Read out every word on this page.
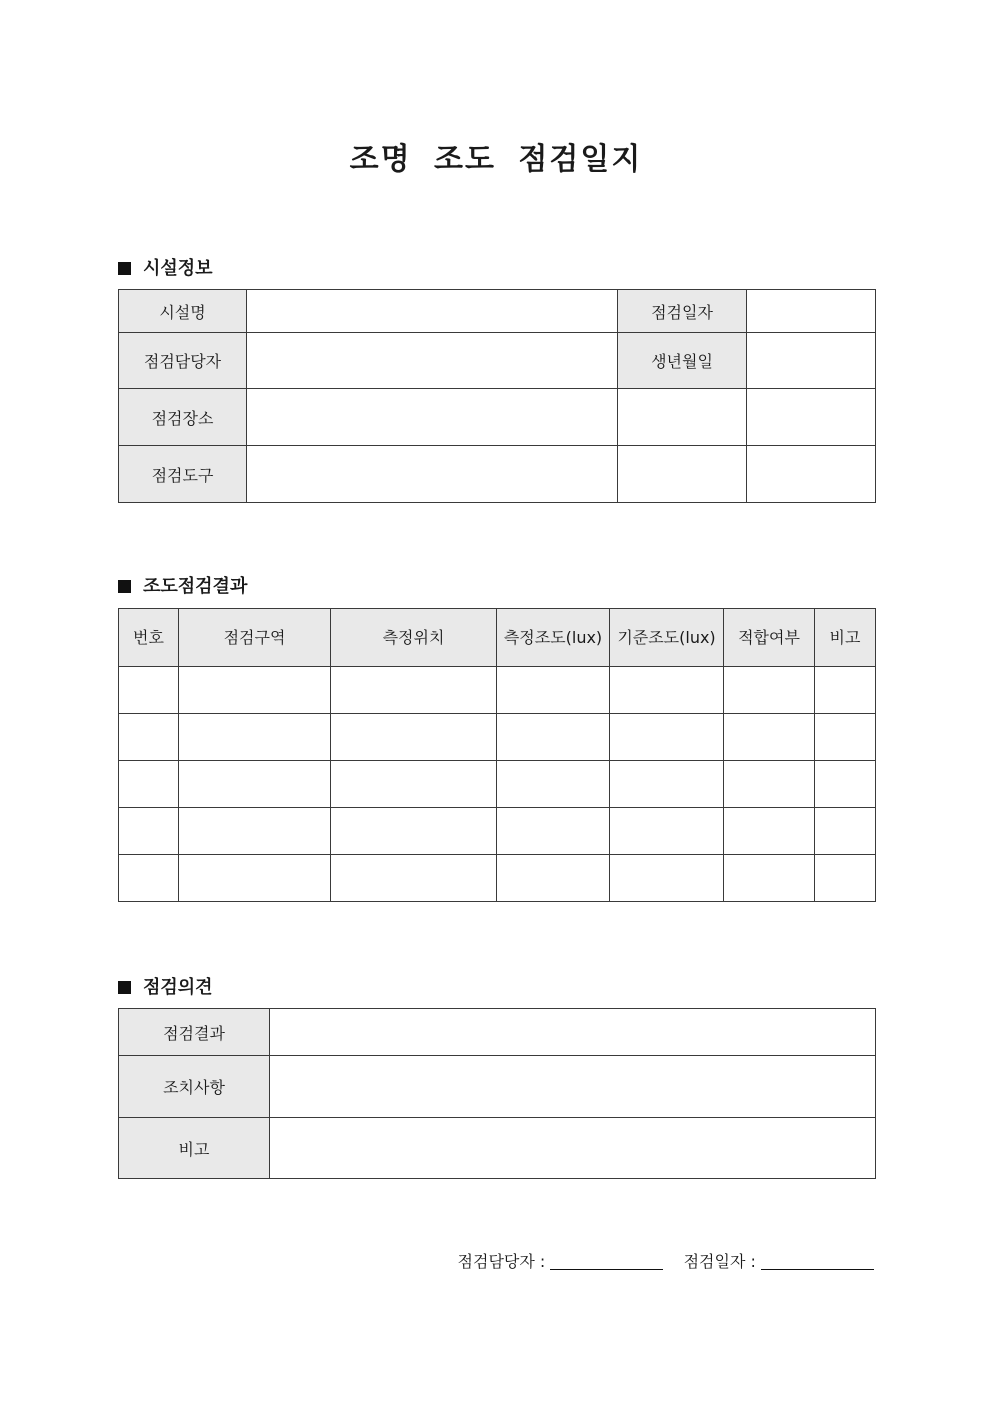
조명 조도 점검일지
시설정보
시설명		점검일자	
점검담당자		생년월일	
점검장소			
점검도구			
조도점검결과
번호	점검구역	측정위치	측정조도(lux)	기준조도(lux)	적합여부	비고

점검의견
점검결과	
조치사항	
비고	
점검담당자 :	점검일자 :
